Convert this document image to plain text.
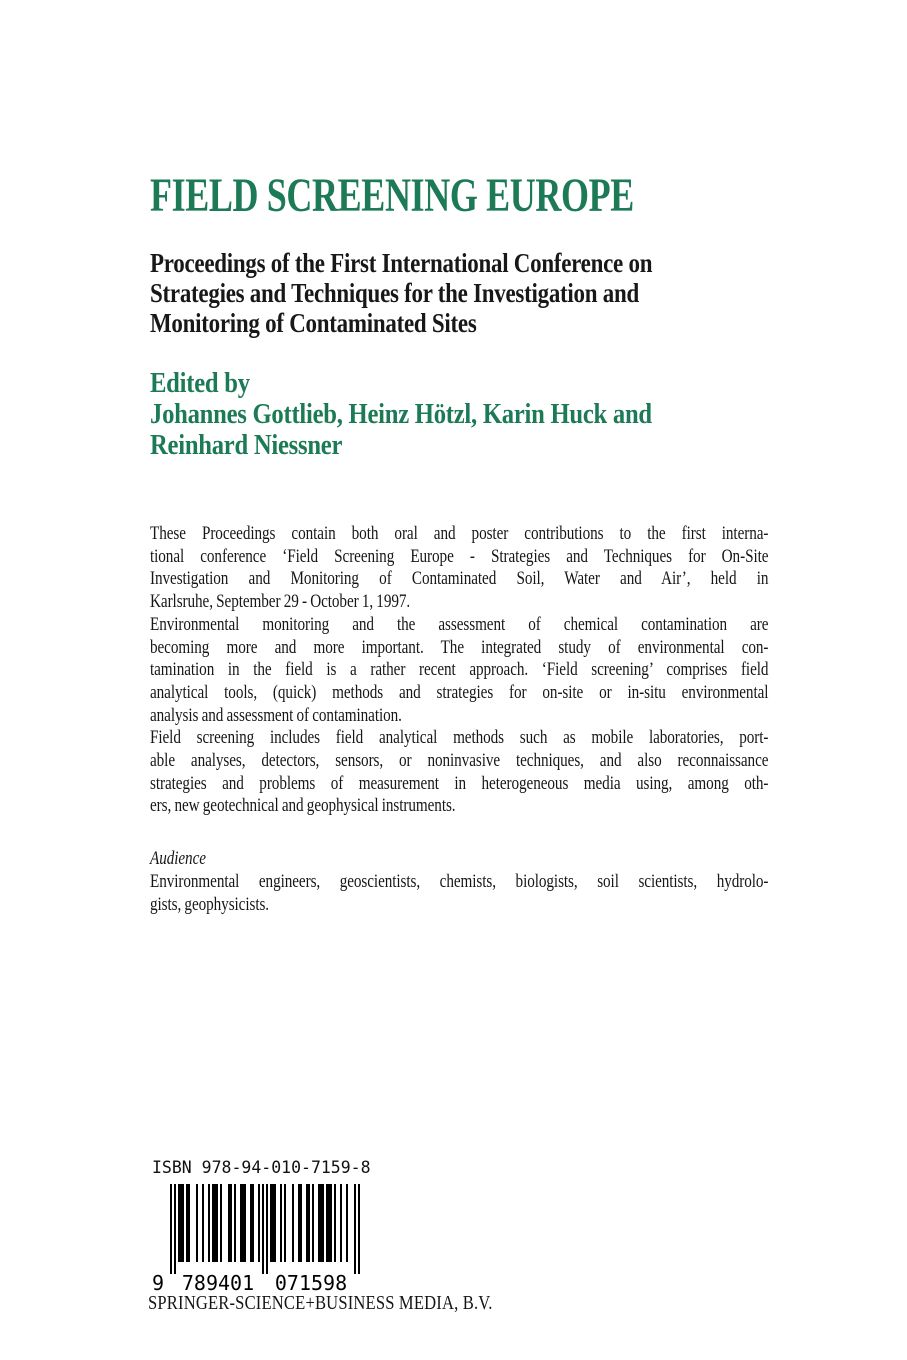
FIELD SCREENING EUROPE
Proceedings of the First International Conference on
Strategies and Techniques for the Investigation and
Monitoring of Contaminated Sites
Edited by
Johannes Gottlieb, Heinz Hötzl, Karin Huck and
Reinhard Niessner
These Proceedings contain both oral and poster contributions to the first interna-
tional conference ‘Field Screening Europe - Strategies and Techniques for On-Site
Investigation and Monitoring of Contaminated Soil, Water and Air’, held in
Karlsruhe, September 29 - October 1, 1997.
Environmental monitoring and the assessment of chemical contamination are
becoming more and more important. The integrated study of environmental con-
tamination in the field is a rather recent approach. ‘Field screening’ comprises field
analytical tools, (quick) methods and strategies for on-site or in-situ environmental
analysis and assessment of contamination.
Field screening includes field analytical methods such as mobile laboratories, port-
able analyses, detectors, sensors, or noninvasive techniques, and also reconnaissance
strategies and problems of measurement in heterogeneous media using, among oth-
ers, new geotechnical and geophysical instruments.
Audience
Environmental engineers, geoscientists, chemists, biologists, soil scientists, hydrolo-
gists, geophysicists.
ISBN 978-94-010-7159-8
9 789401 071598
SPRINGER-SCIENCE+BUSINESS MEDIA, B.V.
